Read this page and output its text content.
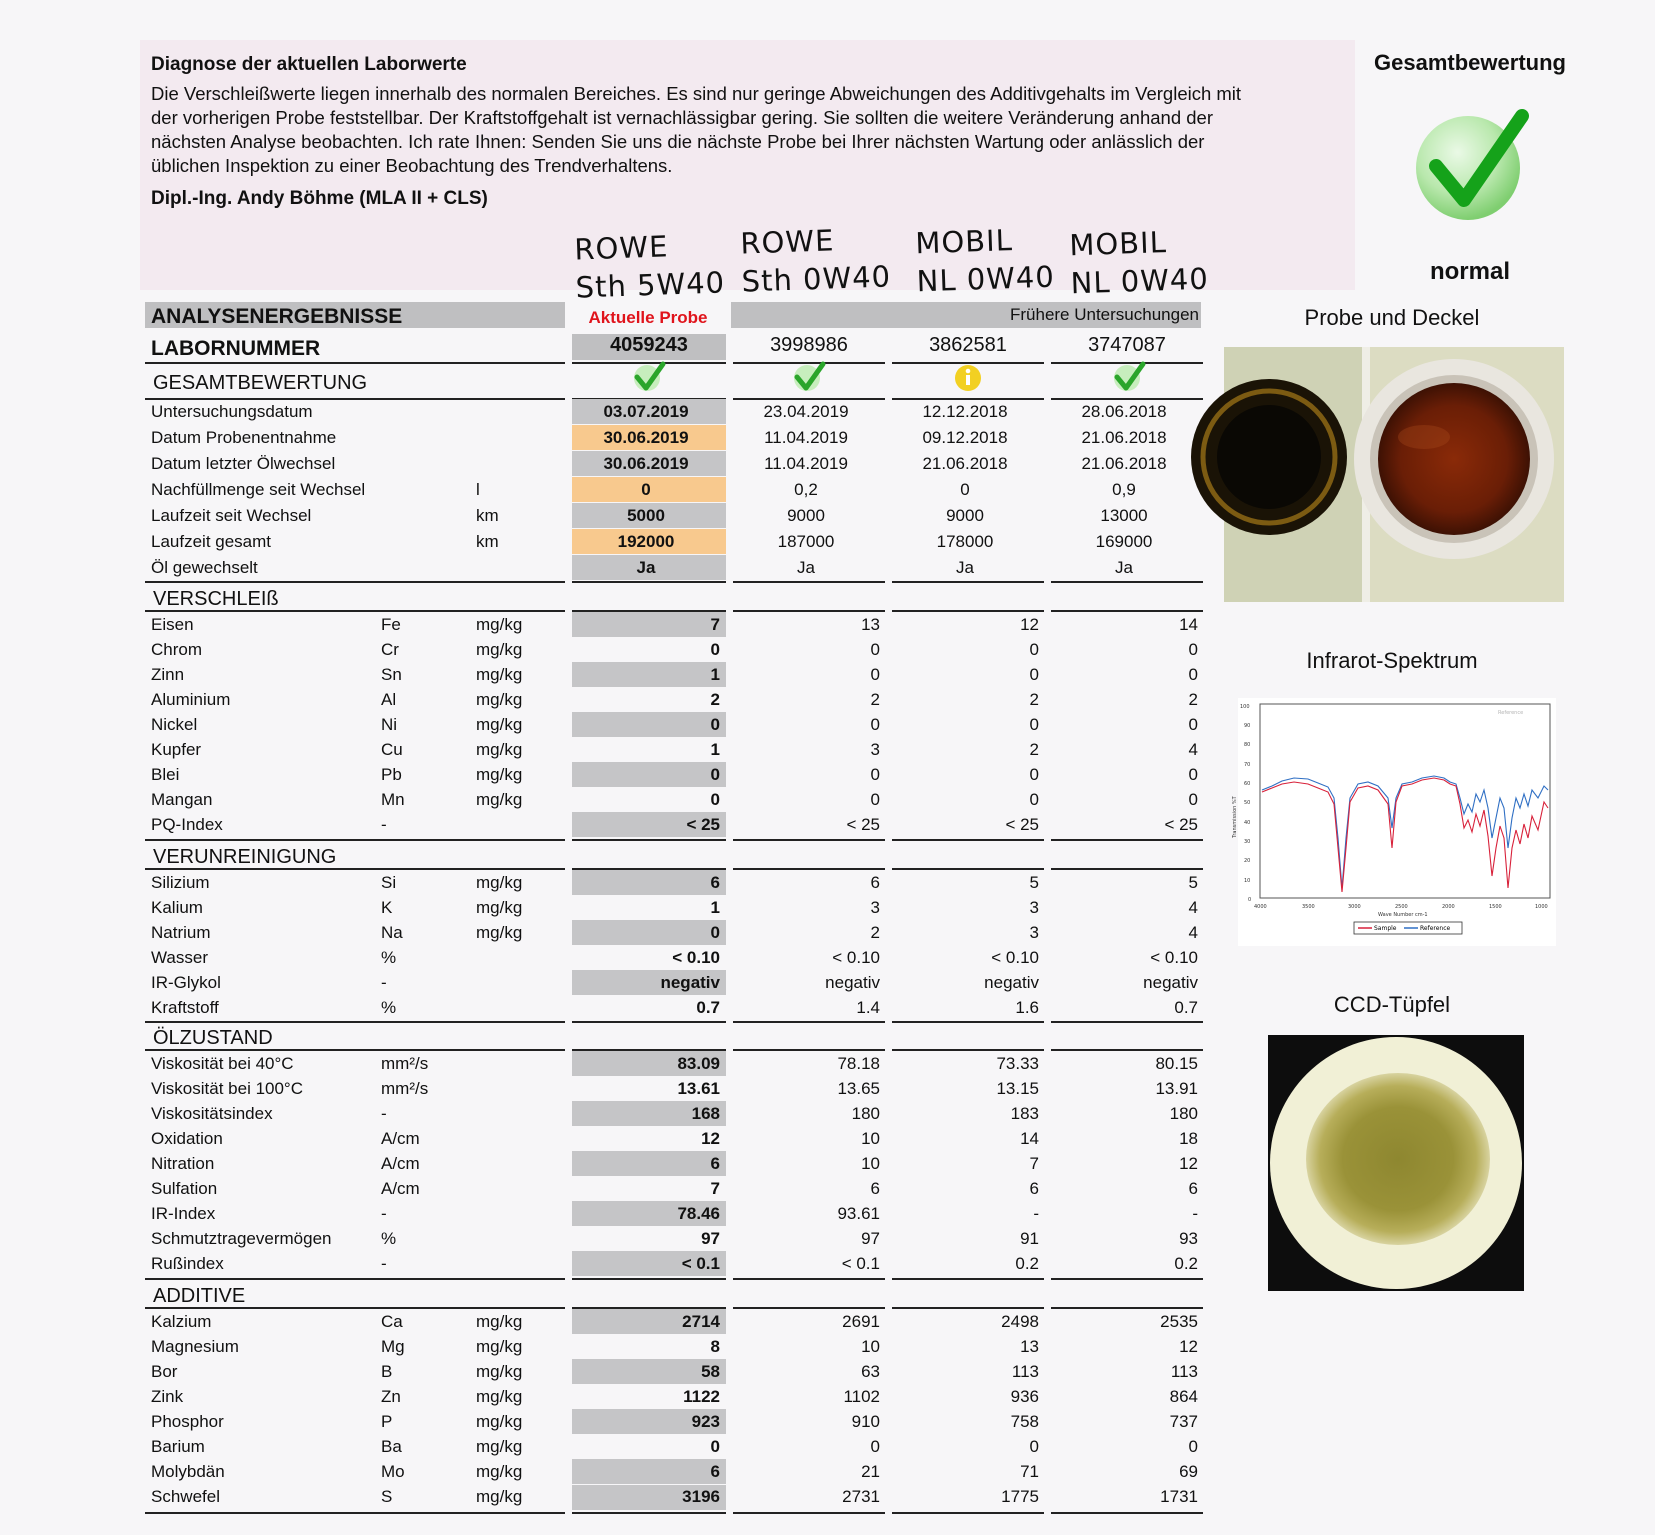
Diagnose der aktuellen Laborwerte

Die Verschleißwerte liegen innerhalb des normalen Bereiches. Es sind nur geringe Abweichungen des Additivgehalts im Vergleich mit
der vorherigen Probe feststellbar. Der Kraftstoffgehalt ist vernachlässigbar gering. Sie sollten die weitere Veränderung anhand der
nächsten Analyse beobachten. Ich rate Ihnen: Senden Sie uns die nächste Probe bei Ihrer nächsten Wartung oder anlässlich der
üblichen Inspektion zu einer Beobachtung des Trendverhaltens.

Dipl.-Ing. Andy Böhme (MLA II + CLS)
Gesamtbewertung
normal
ROWE
Sth 5W40
ROWE
Sth 0W40
MOBIL
NL 0W40
MOBIL
NL 0W40
ANALYSENERGEBNISSE	Aktuelle Probe	Frühere Untersuchungen
LABORNUMMER	4059243	3998986	3862581	3747087
GESAMTBEWERTUNG
Untersuchungsdatum	03.07.2019	23.04.2019	12.12.2018	28.06.2018
Datum Probenentnahme	30.06.2019	11.04.2019	09.12.2018	21.06.2018
Datum letzter Ölwechsel	30.06.2019	11.04.2019	21.06.2018	21.06.2018
Nachfüllmenge seit Wechsel	l	0	0,2	0	0,9
Laufzeit seit Wechsel	km	5000	9000	9000	13000
Laufzeit gesamt	km	192000	187000	178000	169000
Öl gewechselt	Ja	Ja	Ja	Ja
VERSCHLEIß
Eisen	Fe	mg/kg	7	13	12	14
Chrom	Cr	mg/kg	0	0	0	0
Zinn	Sn	mg/kg	1	0	0	0
Aluminium	Al	mg/kg	2	2	2	2
Nickel	Ni	mg/kg	0	0	0	0
Kupfer	Cu	mg/kg	1	3	2	4
Blei	Pb	mg/kg	0	0	0	0
Mangan	Mn	mg/kg	0	0	0	0
PQ-Index	-	< 25	< 25	< 25	< 25
VERUNREINIGUNG
Silizium	Si	mg/kg	6	6	5	5
Kalium	K	mg/kg	1	3	3	4
Natrium	Na	mg/kg	0	2	3	4
Wasser	%	< 0.10	< 0.10	< 0.10	< 0.10
IR-Glykol	-	negativ	negativ	negativ	negativ
Kraftstoff	%	0.7	1.4	1.6	0.7
ÖLZUSTAND
Viskosität bei 40°C	mm²/s	83.09	78.18	73.33	80.15
Viskosität bei 100°C	mm²/s	13.61	13.65	13.15	13.91
Viskositätsindex	-	168	180	183	180
Oxidation	A/cm	12	10	14	18
Nitration	A/cm	6	10	7	12
Sulfation	A/cm	7	6	6	6
IR-Index	-	78.46	93.61	-	-
Schmutztragevermögen	%	97	97	91	93
Rußindex	-	< 0.1	< 0.1	0.2	0.2
ADDITIVE
Kalzium	Ca	mg/kg	2714	2691	2498	2535
Magnesium	Mg	mg/kg	8	10	13	12
Bor	B	mg/kg	58	63	113	113
Zink	Zn	mg/kg	1122	1102	936	864
Phosphor	P	mg/kg	923	910	758	737
Barium	Ba	mg/kg	0	0	0	0
Molybdän	Mo	mg/kg	6	21	71	69
Schwefel	S	mg/kg	3196	2731	1775	1731
Probe und Deckel
Infrarot-Spektrum
100
90
80
70
60
50
40
30
20
10
0
4000	3500	3000	2500	2000	1500	1000
Wave Number cm-1
Transmission %T
Reference
Sample	Reference
CCD-Tüpfel
